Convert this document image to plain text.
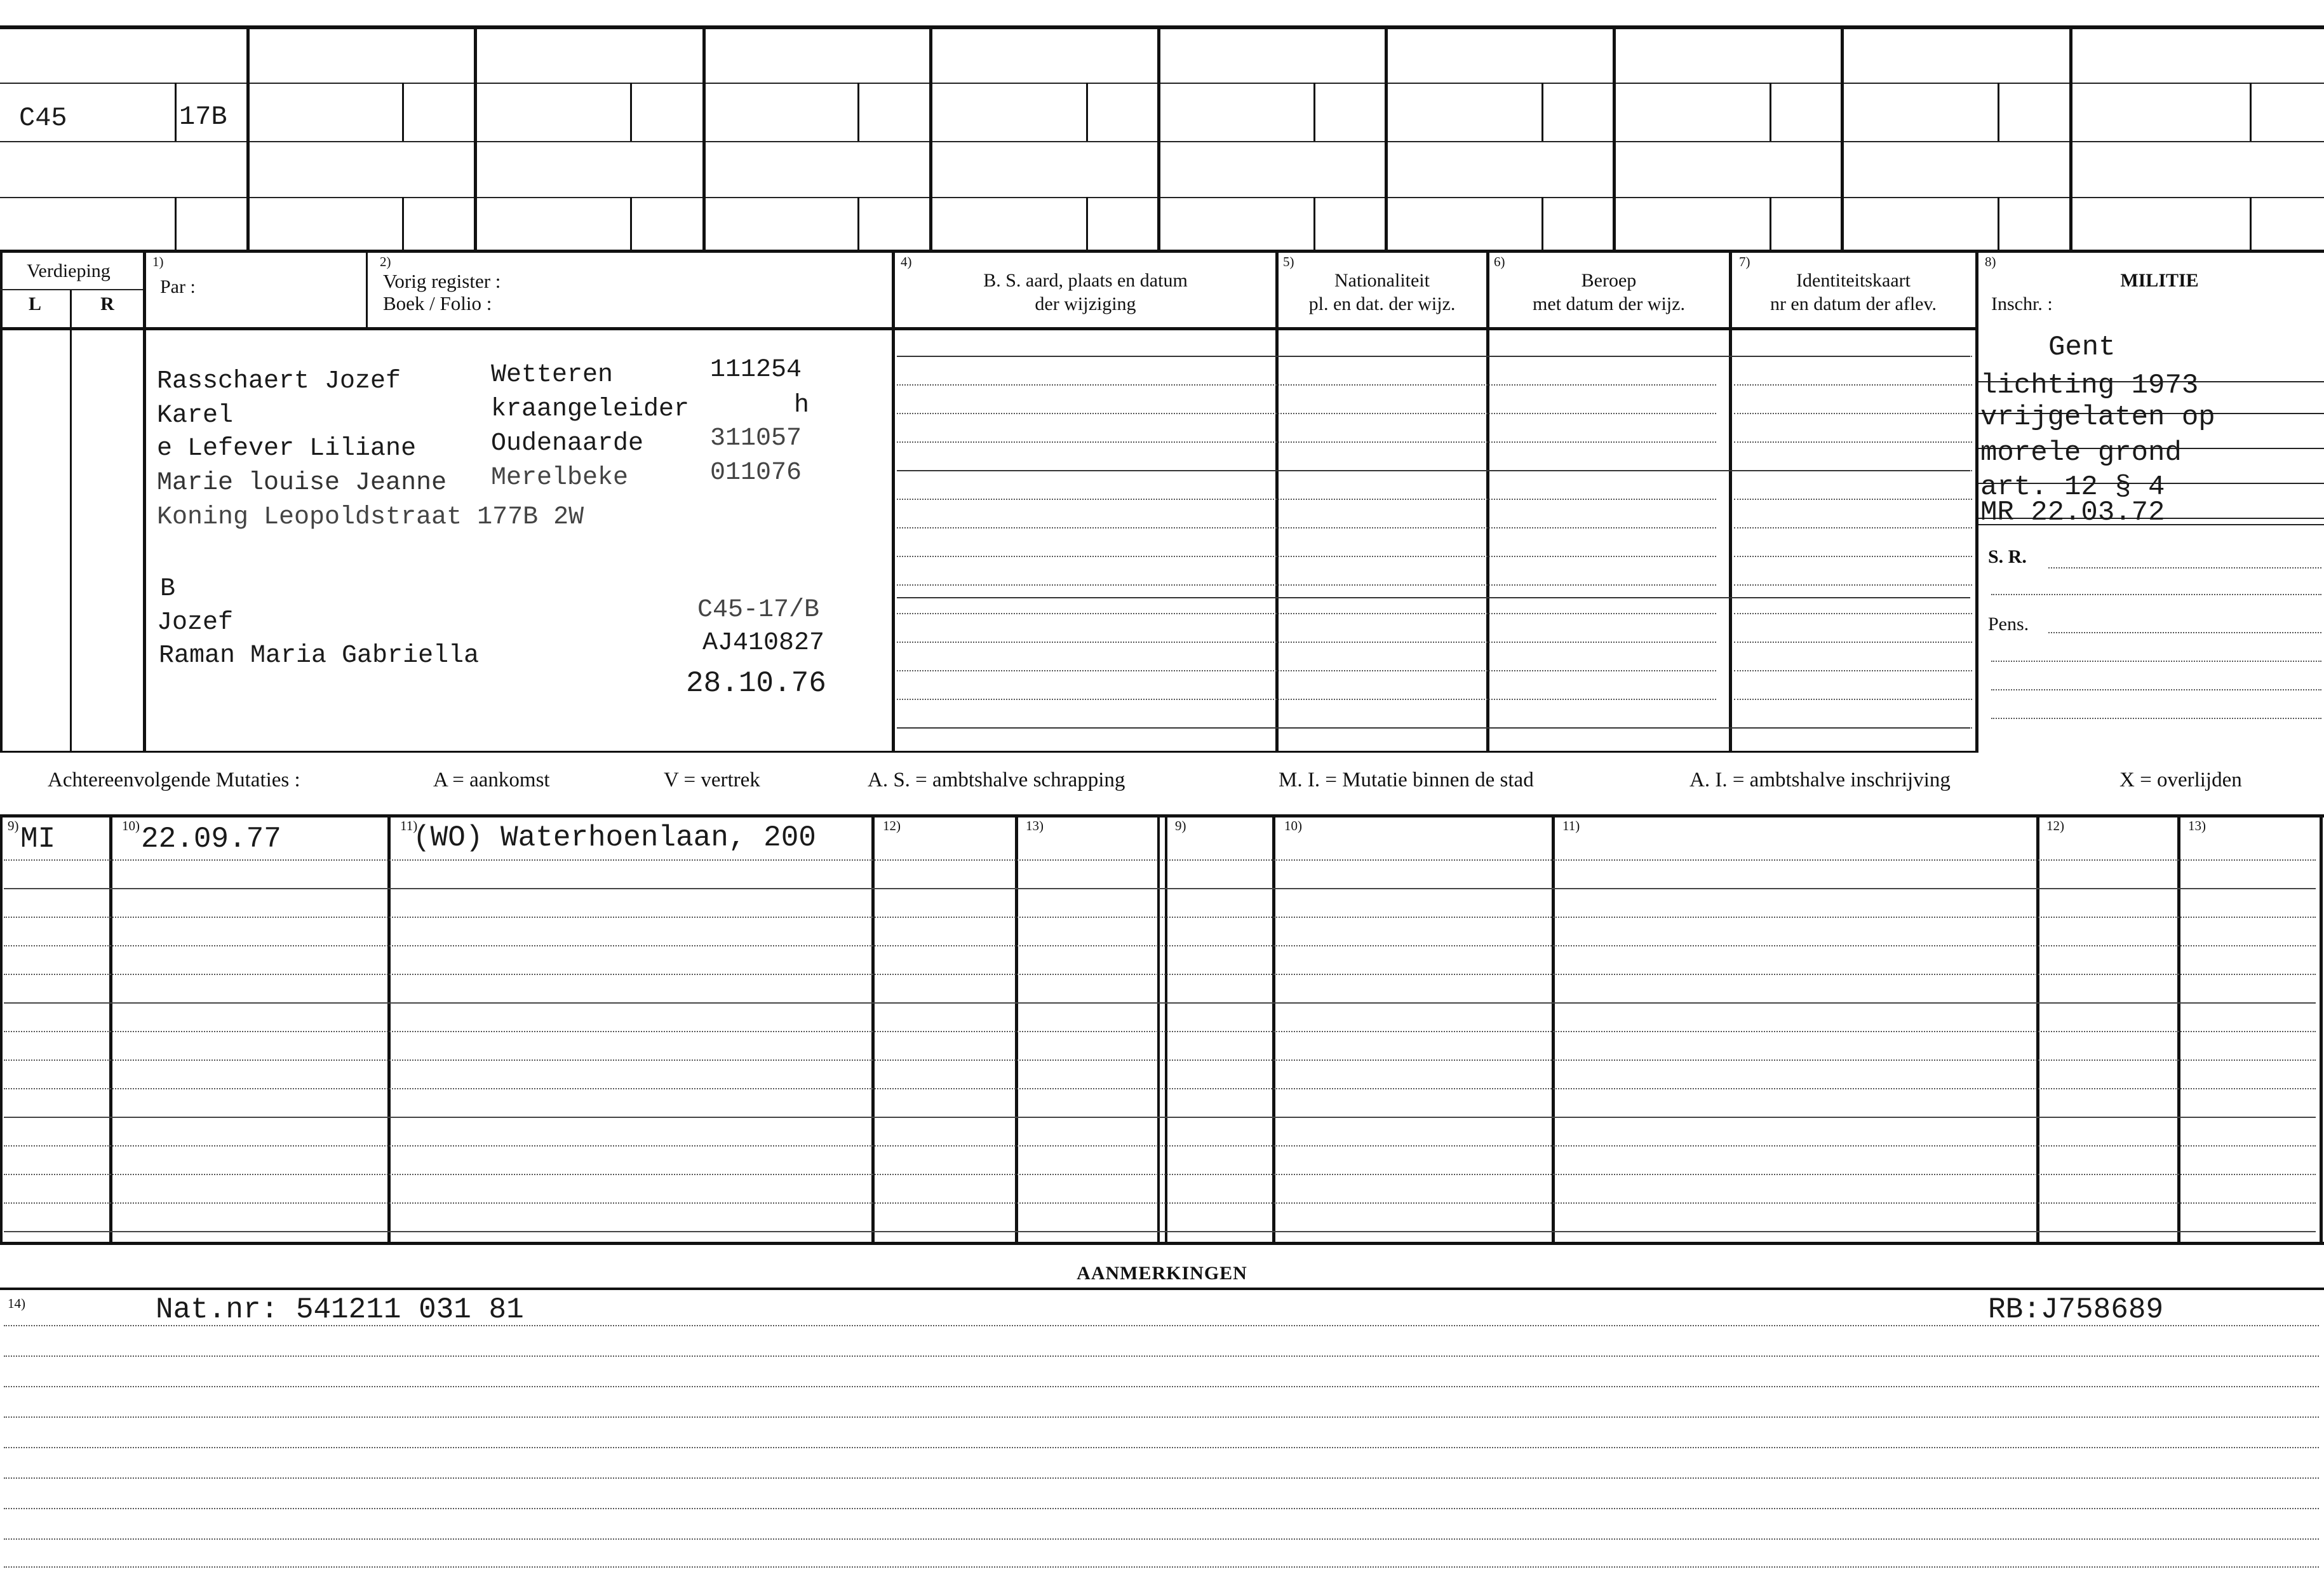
C45	17B
Verdieping
L	R
1)
Par :
2)
Vorig register :
Boek / Folio :
4)
B. S. aard, plaats en datum
der wijziging
5)
Nationaliteit
pl. en dat. der wijz.
6)
Beroep
met datum der wijz.
7)
Identiteitskaart
nr en datum der aflev.
8)
MILITIE
Inschr. :
Rasschaert Jozef	Wetteren	111254
Karel	kraangeleider	h
e Lefever Liliane	Oudenaarde	311057
Marie louise Jeanne Merelbeke	011076
Koning Leopoldstraat 177B 2W
B
Jozef	C45-17/B
Raman Maria Gabriella	AJ410827
28.10.76
Gent
lichting 1973
vrijgelaten op
morele grond
art. 12 § 4
MR 22.03.72
S. R.
Pens.
Achtereenvolgende Mutaties :	A = aankomst	V = vertrek	A. S. = ambtshalve schrapping	M. I. = Mutatie binnen de stad	A. I. = ambtshalve inschrijving	X = overlijden
9)	10)	11)	12)	13)	9)	10)	11)	12)	13)
MI	22.09.77	(WO) Waterhoenlaan, 200
AANMERKINGEN
14)	Nat.nr: 541211 031 81	RB:J758689
